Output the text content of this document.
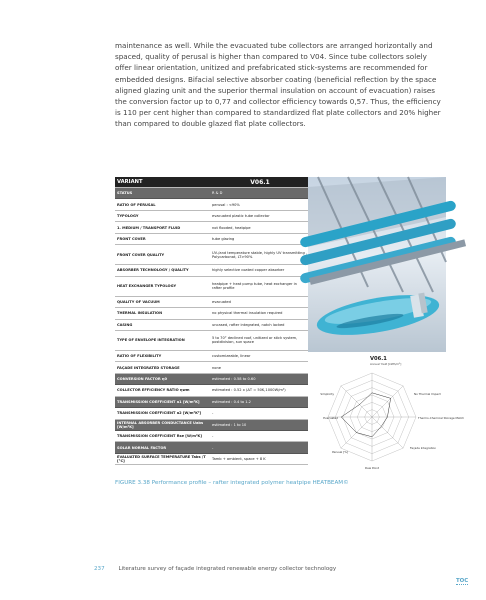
maintenance as well. While the evacuated tube collectors are arranged horizontally and spaced, quality of perusal is higher than compared to V04. Since tube collectors solely offer linear orientation, unitized and prefabricated stick-systems are recommended for embedded designs. Bifacial selective absorber coating (beneficial reflection by the space aligned glazing unit and the superior thermal insulation on account of evacuation) raises the conversion factor up to 0,77 and collector efficiency towards 0,57. Thus, the efficiency is 110 per cent higher than compared to standardized flat plate collectors and 20% higher than compared to double glazed flat plate collectors.
VARIANT	V06.1
STATUS	R & D
RATIO OF PERUSAL	perusal : <90%
TYPOLOGY	evacuated plastic tube collector
1. MEDIUM / TRANSPORT FLUID	not flooded, heatpipe
FRONT COVER	tube glazing
FRONT COVER QUALITY	UV-/and temperature stable, highly UV transmitting , Polycarbonat, LT>90%
ABSORBER TECHNOLOGY / QUALITY	highly selective coated copper absorber
HEAT EXCHANGER TYPOLOGY	heatpipe + heat pump tube, heat exchanger in rafter profile
QUALITY OF VACUUM	evacuated
THERMAL INSULATION	no physical thermal insulation required
CASING	uncased, rafter integrated, notch locked
TYPE OF ENVELOPE INTEGRATION	5 to 70° declined roof, unitized or stick system, postdivision, sun space
RATIO OF FLEXIBILITY	customizeable, linear
FAÇADE INTEGRATED STORAGE	none
CONVERSION FACTOR η0	estimated : 0.58 to 0.60
COLLECTOR EFFICIENCY RATIO ηwm	estimated : 0.52 x (ΔT = 50K,1000W/m²)
TRANSMISSION COEFFICIENT a1 [W/m²K]	estimated : 0.4 to 1.2
TRANSMISSION COEFFICIENT a2 [W/m²K²]	-
INTERNAL ABSORBER CONDUCTANCE Uabs [W/m²K]	estimated : 1 to 10
TRANSMISSION COEFFICIENT Rse [W/m²K]	-
SOLAR NORMAL FACTOR	-
EVALUATED SURFACE TEMPERATURE Tabs /T [°C]	Tamb + ambient, space + 8 K
V06.1
Annual Yield [kWh/m²]
Simplicity	No Thermal Impact
Thermo-Chemical Storage Match
Façade Integration
Dew Point
Perusal [%]
Evacuated
FIGURE 3.38 Performance profile – rafter integrated polymer heatpipe HEATBEAM©
237 Literature survey of façade integrated renewable energy collector technology
TOC
